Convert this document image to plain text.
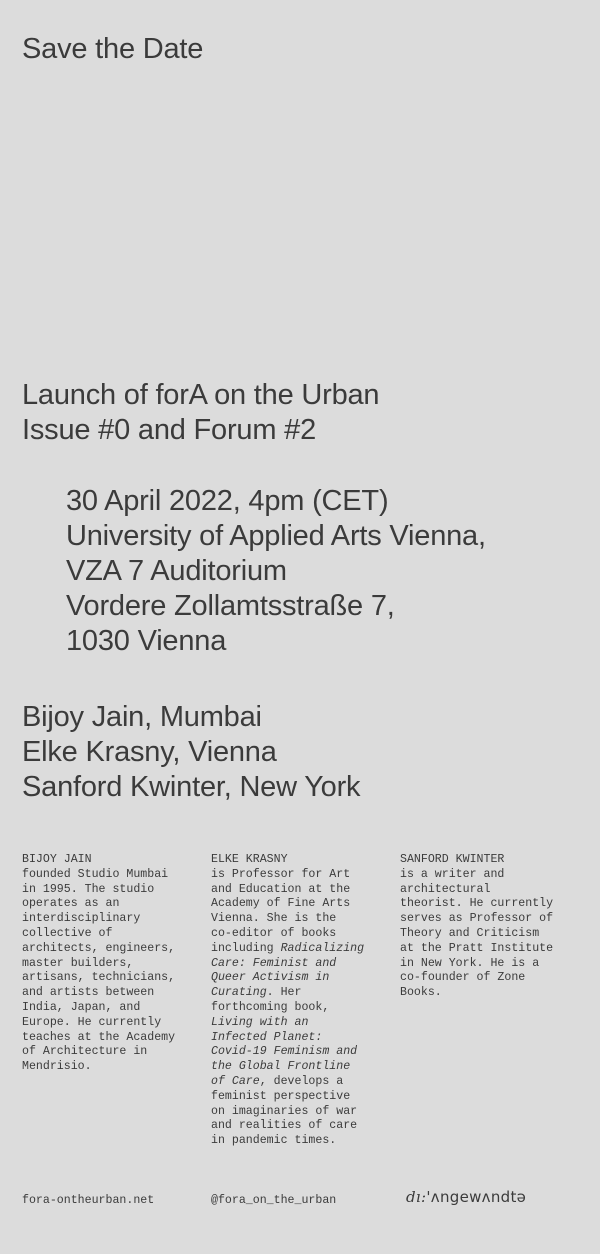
Save the Date
Launch of forA on the Urban
Issue #0 and Forum #2
30 April 2022, 4pm (CET)
University of Applied Arts Vienna,
VZA 7 Auditorium
Vordere Zollamtsstraße 7,
1030 Vienna
Bijoy Jain, Mumbai
Elke Krasny, Vienna
Sanford Kwinter, New York
BIJOY JAIN
founded Studio Mumbai
in 1995. The studio
operates as an
interdisciplinary
collective of
architects, engineers,
master builders,
artisans, technicians,
and artists between
India, Japan, and
Europe. He currently
teaches at the Academy
of Architecture in
Mendrisio.
ELKE KRASNY
is Professor for Art
and Education at the
Academy of Fine Arts
Vienna. She is the
co-editor of books
including Radicalizing
Care: Feminist and
Queer Activism in
Curating. Her
forthcoming book,
Living with an
Infected Planet:
Covid-19 Feminism and
the Global Frontline
of Care, develops a
feminist perspective
on imaginaries of war
and realities of care
in pandemic times.
SANFORD KWINTER
is a writer and
architectural
theorist. He currently
serves as Professor of
Theory and Criticism
at the Pratt Institute
in New York. He is a
co-founder of Zone
Books.
fora-ontheurban.net	@fora_on_the_urban	dı:'ʌngewʌndtə
